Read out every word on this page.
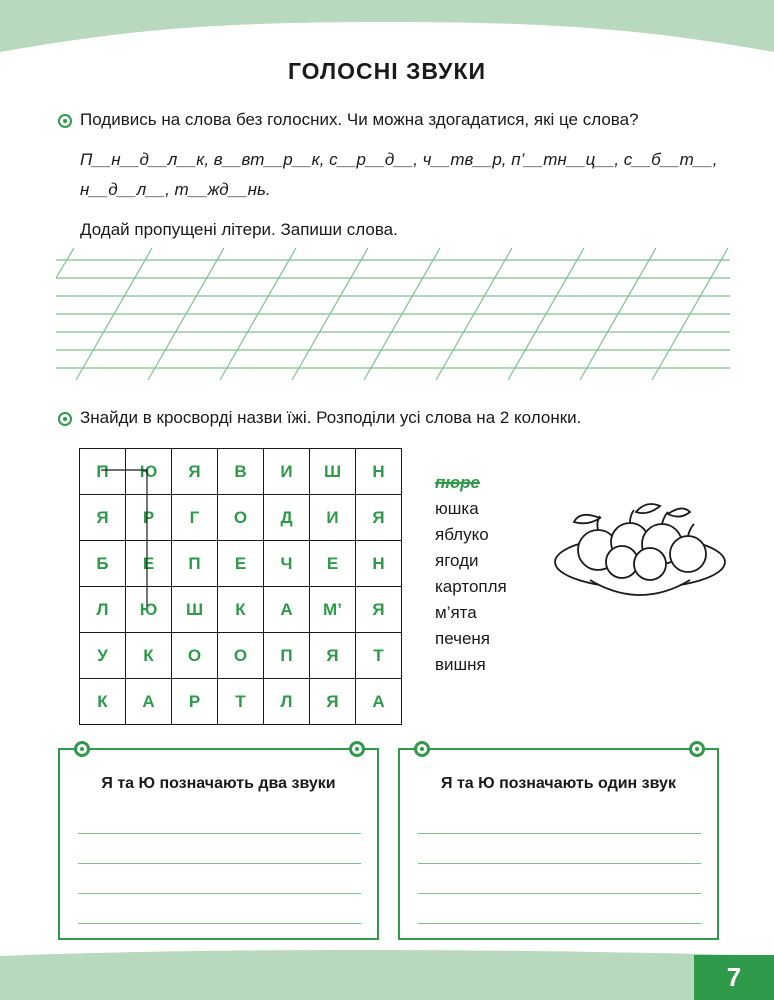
ГОЛОСНІ ЗВУКИ
Подивись на слова без голосних. Чи можна здогадатися, які це слова?
П__н__д__л__к, в__вт__р__к, с__р__д__, ч__тв__р, п’__тн__ц__, с__б__т__,
н__д__л__, т__жд__нь.
Додай пропущені літери. Запиши слова.
Знайди в кросворді назви їжі. Розподіли усі слова на 2 колонки.
П	Ю	Я	В	И	Ш	Н
Я	Р	Г	О	Д	И	Я
Б	Е	П	Е	Ч	Е	Н
Л	Ю	Ш	К	А	М’	Я
У	К	О	О	П	Я	Т
К	А	Р	Т	Л	Я	А
пюре
юшка
яблуко
ягоди
картопля
м’ята
печеня
вишня
Я та Ю позначають два звуки	Я та Ю позначають один звук
7
